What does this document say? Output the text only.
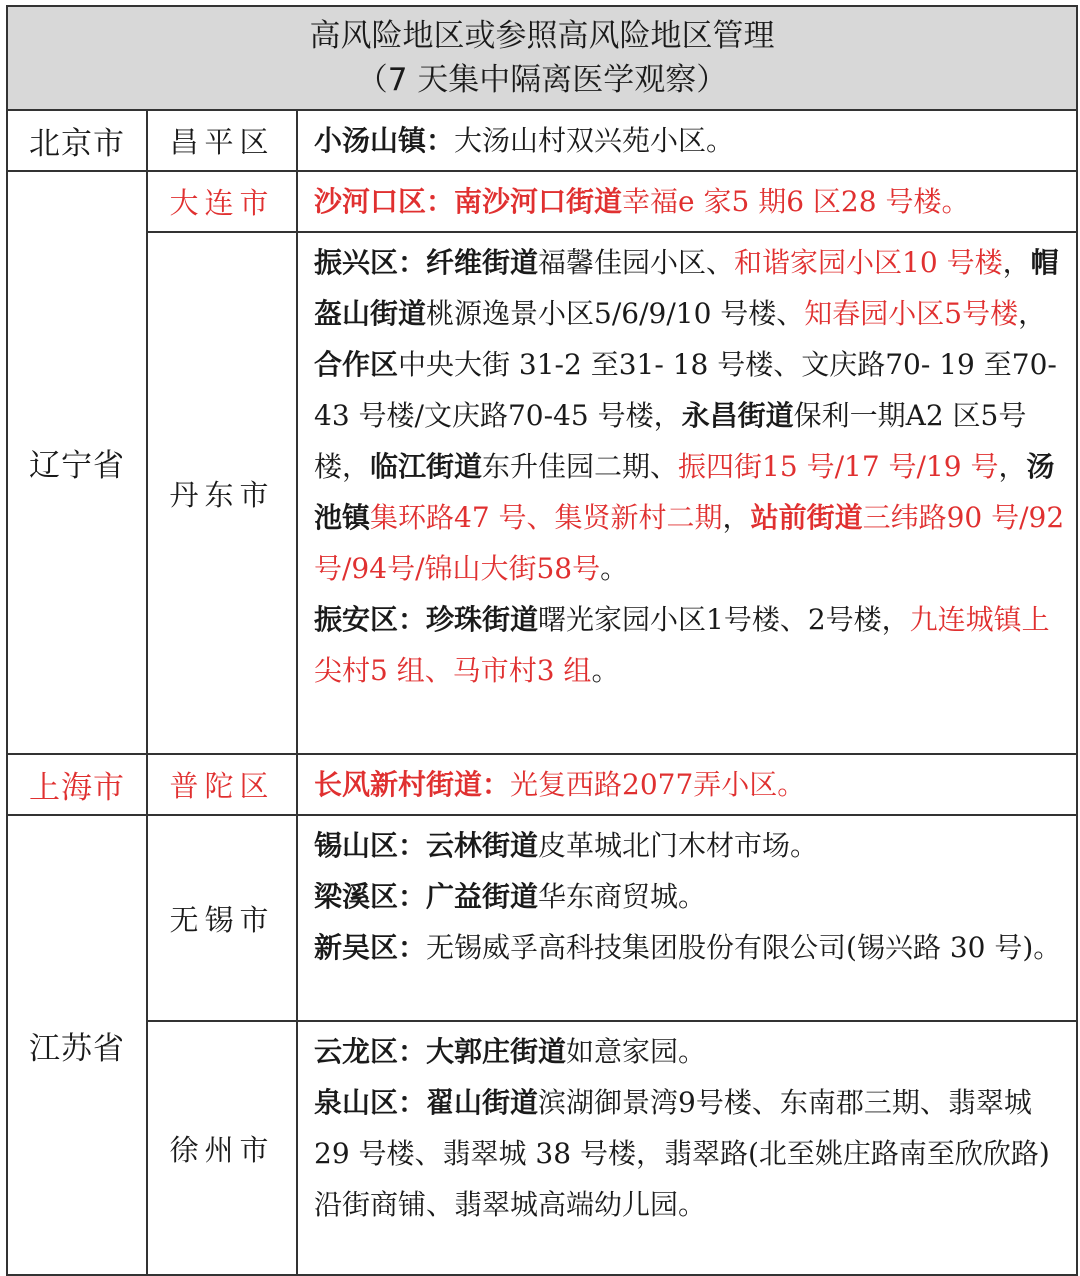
高风险地区或参照高风险地区管理
（7 天集中隔离医学观察）		

北京市	昌平区	小汤山镇：大汤山村双兴苑小区。
辽宁省	大连市	沙河口区：南沙河口街道幸福e 家5 期6 区28 号楼。
	丹东市	振兴区：纤维街道福馨佳园小区、和谐家园小区10 号楼，帽盔山街道桃源逸景小区5/6/9/10 号楼、知春园小区5号楼，合作区中央大街 31-2 至31- 18 号楼、文庆路70- 19 至70-43 号楼/文庆路70-45 号楼，永昌街道保利一期A2 区5号楼，临江街道东升佳园二期、振四街15 号/17 号/19 号，汤池镇集环路47 号、集贤新村二期，站前街道三纬路90 号/92号/94号/锦山大街58号。
振安区：珍珠街道曙光家园小区1号楼、2号楼，九连城镇上尖村5 组、马市村3 组。

上海市	普陀区	长风新村街道：光复西路2077弄小区。
江苏省	无锡市	锡山区：云林街道皮革城北门木材市场。
梁溪区：广益街道华东商贸城。
新吴区：无锡威孚高科技集团股份有限公司(锡兴路 30 号)。

	徐州市	云龙区：大郭庄街道如意家园。
泉山区：翟山街道滨湖御景湾9号楼、东南郡三期、翡翠城 29 号楼、翡翠城 38 号楼，翡翠路(北至姚庄路南至欣欣路)沿街商铺、翡翠城高端幼儿园。
